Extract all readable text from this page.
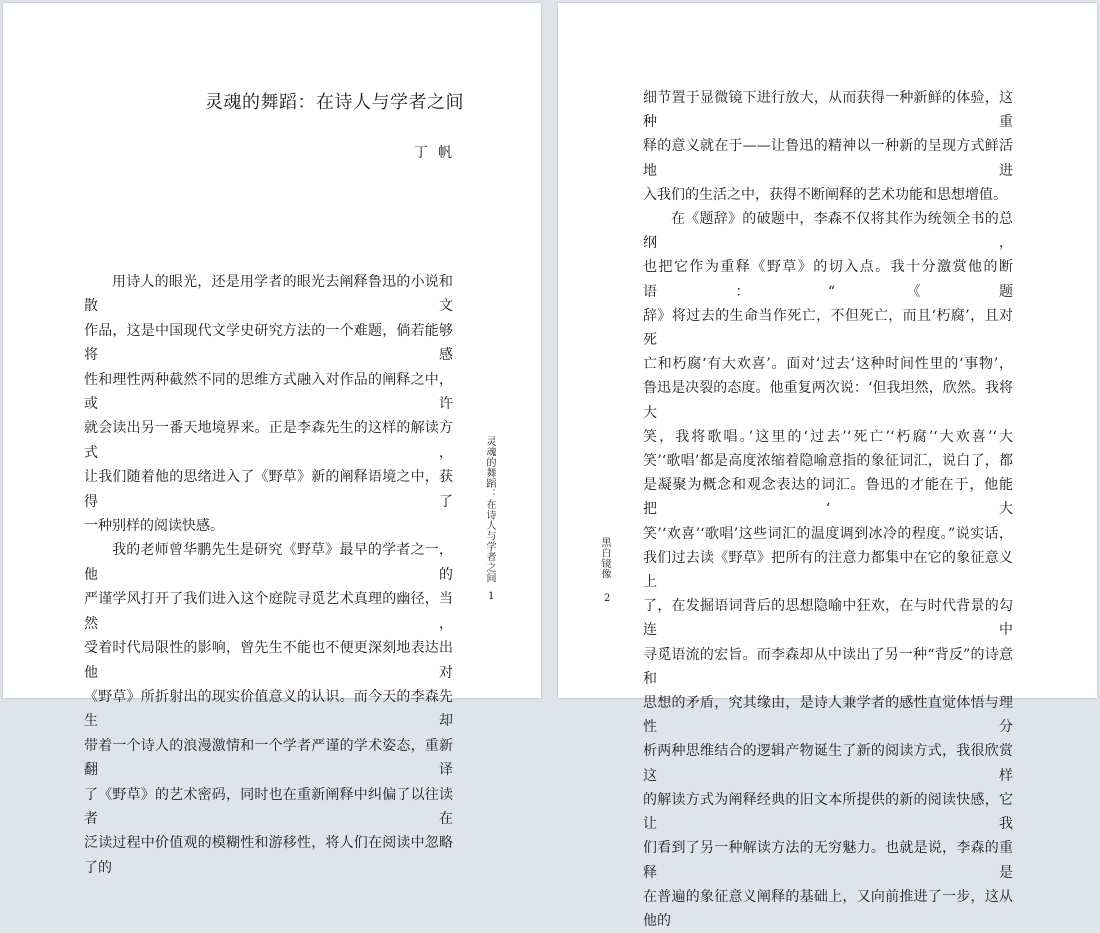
灵魂的舞蹈：在诗人与学者之间
丁帆

用诗人的眼光，还是用学者的眼光去阐释鲁迅的小说和散文

作品，这是中国现代文学史研究方法的一个难题，倘若能够将感

性和理性两种截然不同的思维方式融入对作品的阐释之中，或许

就会读出另一番天地境界来。正是李森先生的这样的解读方式，

让我们随着他的思绪进入了《野草》新的阐释语境之中，获得了

一种别样的阅读快感。

我的老师曾华鹏先生是研究《野草》最早的学者之一，他的

严谨学风打开了我们进入这个庭院寻觅艺术真理的幽径，当然，

受着时代局限性的影响，曾先生不能也不便更深刻地表达出他对

《野草》所折射出的现实价值意义的认识。而今天的李森先生却

带着一个诗人的浪漫激情和一个学者严谨的学术姿态，重新翻译

了《野草》的艺术密码，同时也在重新阐释中纠偏了以往读者在

泛读过程中价值观的模糊性和游移性，将人们在阅读中忽略了的

细节置于显微镜下进行放大，从而获得一种新鲜的体验，这种重

释的意义就在于——让鲁迅的精神以一种新的呈现方式鲜活地进

入我们的生活之中，获得不断阐释的艺术功能和思想增值。

在《题辞》的破题中，李森不仅将其作为统领全书的总纲，

也把它作为重释《野草》的切入点。我十分激赏他的断语：“《题

辞》将过去的生命当作死亡，不但死亡，而且‘朽腐’，且对死

亡和朽腐‘有大欢喜’。面对‘过去’这种时间性里的‘事物’，

鲁迅是决裂的态度。他重复两次说：‘但我坦然，欣然。我将大

笑，我将歌唱。’这里的‘过去’‘死亡’‘朽腐’‘大欢喜’‘大

笑’‘歌唱’都是高度浓缩着隐喻意指的象征词汇，说白了，都

是凝聚为概念和观念表达的词汇。鲁迅的才能在于，他能把‘大

笑’‘欢喜’‘歌唱’这些词汇的温度调到冰冷的程度。”说实话，

我们过去读《野草》把所有的注意力都集中在它的象征意义上

了，在发掘语词背后的思想隐喻中狂欢，在与时代背景的勾连中

寻觅语流的宏旨。而李森却从中读出了另一种“背反”的诗意和

思想的矛盾，究其缘由，是诗人兼学者的感性直觉体悟与理性分

析两种思维结合的逻辑产物诞生了新的阅读方式，我很欣赏这样

的解读方式为阐释经典的旧文本所提供的新的阅读快感，它让我

们看到了另一种解读方法的无穷魅力。也就是说，李森的重释是

在普遍的象征意义阐释的基础上，又向前推进了一步，这从他的

灵魂的舞蹈：在诗人与学者之间
1
黑白镜像
2
